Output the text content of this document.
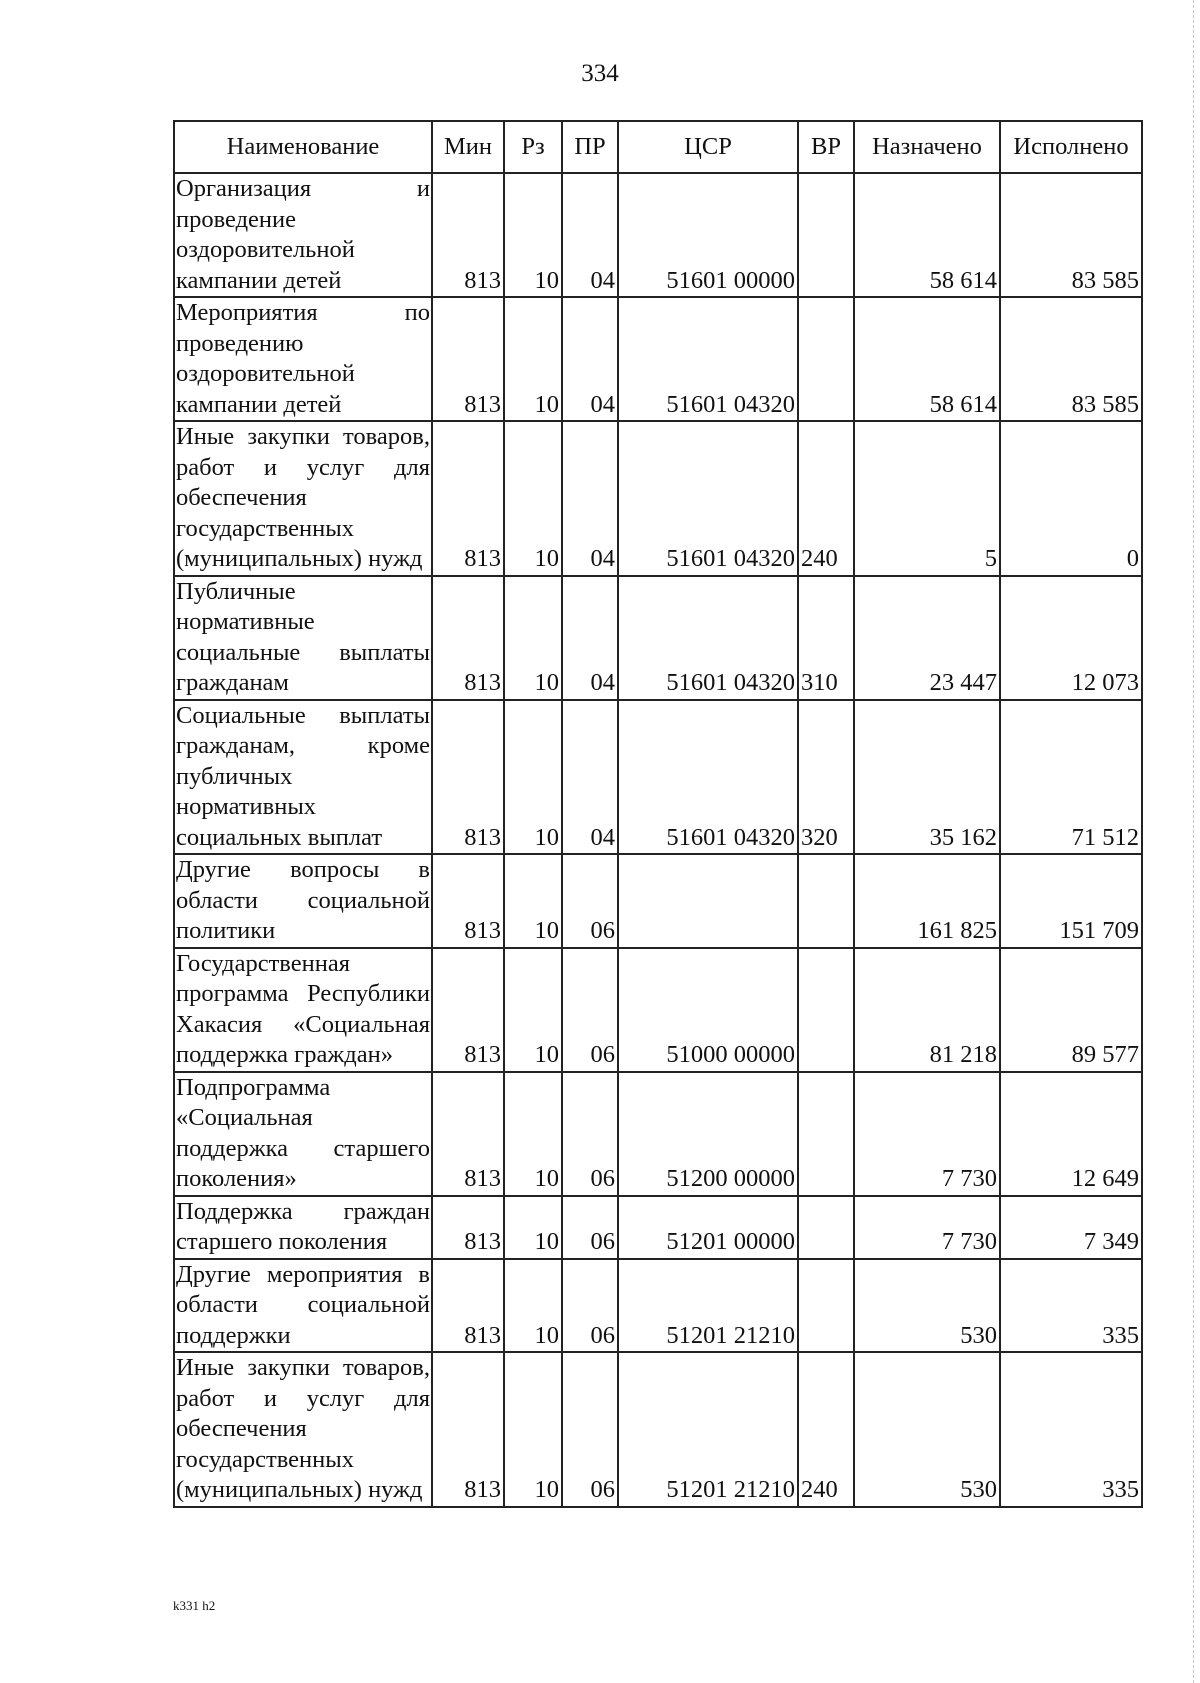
334
Наименование	Мин	Рз	ПР	ЦСР	ВР	Назначено	Исполнено
Организация и проведение оздоровительной кампании детей	813	10	04	51601 00000		58 614	83 585
Мероприятия по проведению оздоровительной кампании детей	813	10	04	51601 04320		58 614	83 585
Иные закупки товаров, работ и услуг для обеспечения государственных (муниципальных) нужд	813	10	04	51601 04320	240	5	0
Публичные нормативные социальные выплаты гражданам	813	10	04	51601 04320	310	23 447	12 073
Социальные выплаты гражданам, кроме публичных нормативных социальных выплат	813	10	04	51601 04320	320	35 162	71 512
Другие вопросы в области социальной политики	813	10	06			161 825	151 709
Государственная программа Республики Хакасия «Социальная поддержка граждан»	813	10	06	51000 00000		81 218	89 577
Подпрограмма «Социальная поддержка старшего поколения»	813	10	06	51200 00000		7 730	12 649
Поддержка граждан старшего поколения	813	10	06	51201 00000		7 730	7 349
Другие мероприятия в области социальной поддержки	813	10	06	51201 21210		530	335
Иные закупки товаров, работ и услуг для обеспечения государственных (муниципальных) нужд	813	10	06	51201 21210	240	530	335
k331 h2
